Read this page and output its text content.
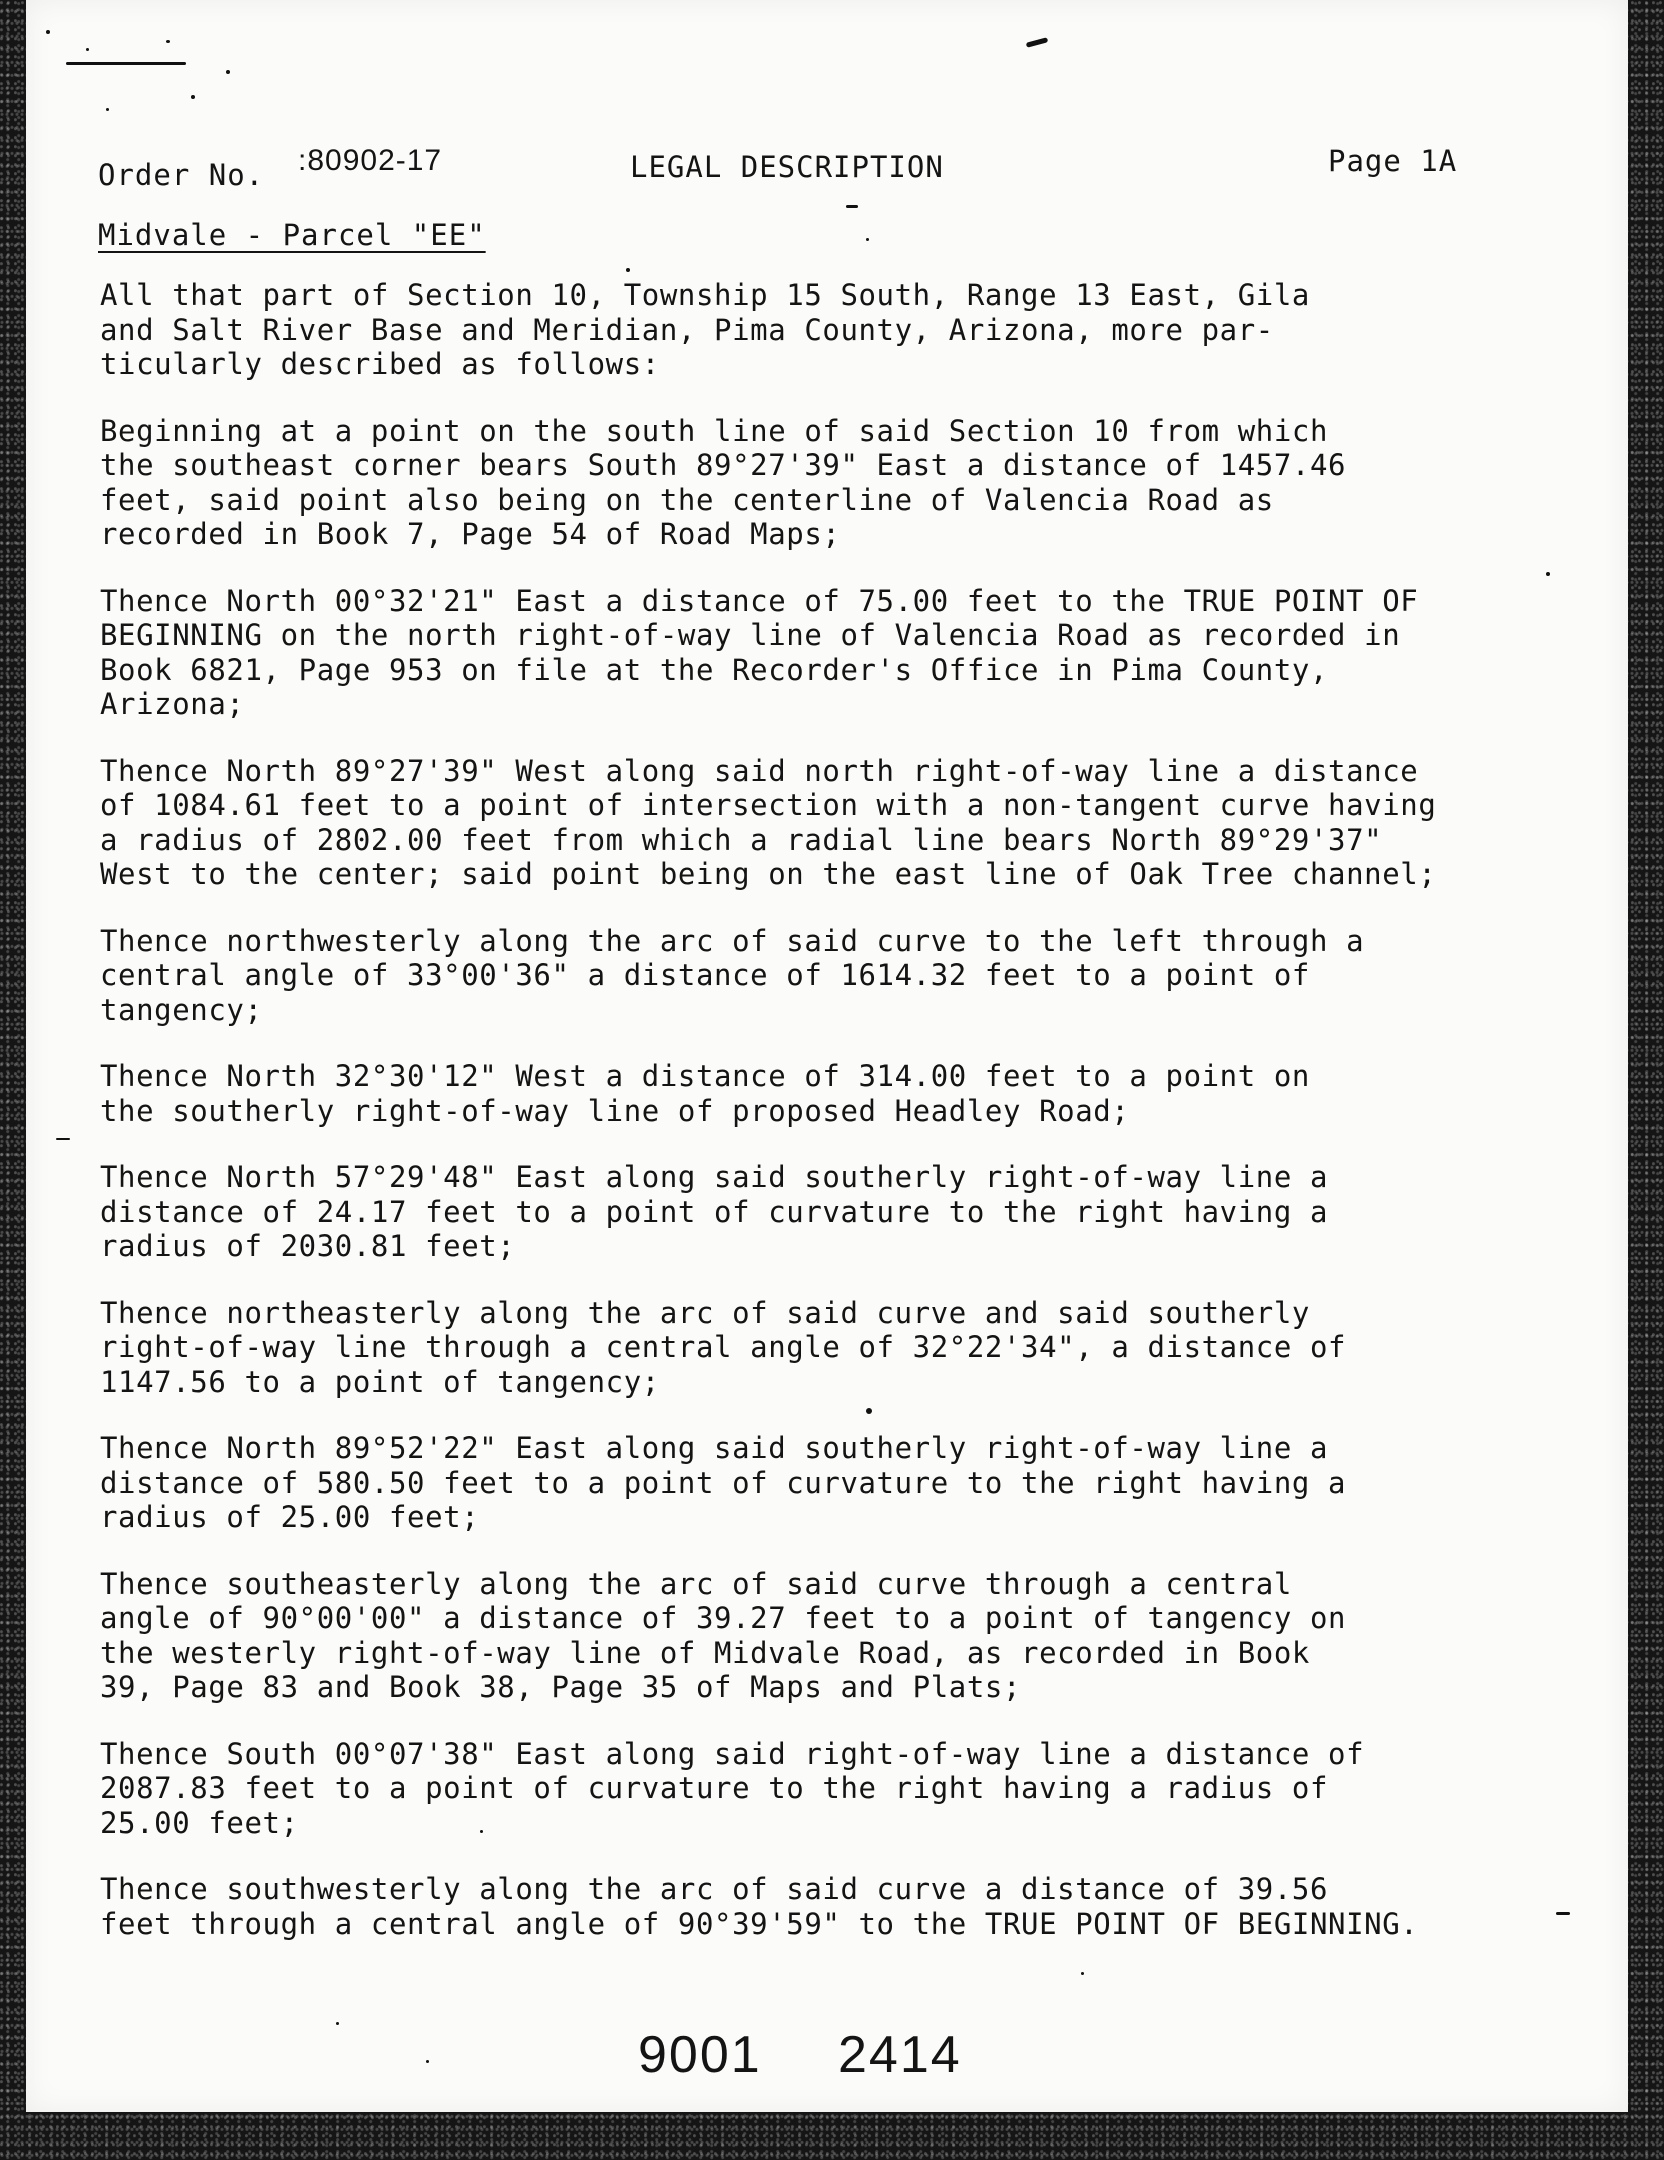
Order No. :80902-17	LEGAL DESCRIPTION	Page 1A
Midvale - Parcel "EE"

All that part of Section 10, Township 15 South, Range 13 East, Gila
and Salt River Base and Meridian, Pima County, Arizona, more par-
ticularly described as follows:

Beginning at a point on the south line of said Section 10 from which
the southeast corner bears South 89°27'39" East a distance of 1457.46
feet, said point also being on the centerline of Valencia Road as
recorded in Book 7, Page 54 of Road Maps;

Thence North 00°32'21" East a distance of 75.00 feet to the TRUE POINT OF
BEGINNING on the north right-of-way line of Valencia Road as recorded in
Book 6821, Page 953 on file at the Recorder's Office in Pima County,
Arizona;

Thence North 89°27'39" West along said north right-of-way line a distance
of 1084.61 feet to a point of intersection with a non-tangent curve having
a radius of 2802.00 feet from which a radial line bears North 89°29'37"
West to the center; said point being on the east line of Oak Tree channel;

Thence northwesterly along the arc of said curve to the left through a
central angle of 33°00'36" a distance of 1614.32 feet to a point of
tangency;

Thence North 32°30'12" West a distance of 314.00 feet to a point on
the southerly right-of-way line of proposed Headley Road;

Thence North 57°29'48" East along said southerly right-of-way line a
distance of 24.17 feet to a point of curvature to the right having a
radius of 2030.81 feet;

Thence northeasterly along the arc of said curve and said southerly
right-of-way line through a central angle of 32°22'34", a distance of
1147.56 to a point of tangency;

Thence North 89°52'22" East along said southerly right-of-way line a
distance of 580.50 feet to a point of curvature to the right having a
radius of 25.00 feet;

Thence southeasterly along the arc of said curve through a central
angle of 90°00'00" a distance of 39.27 feet to a point of tangency on
the westerly right-of-way line of Midvale Road, as recorded in Book
39, Page 83 and Book 38, Page 35 of Maps and Plats;

Thence South 00°07'38" East along said right-of-way line a distance of
2087.83 feet to a point of curvature to the right having a radius of
25.00 feet;

Thence southwesterly along the arc of said curve a distance of 39.56
feet through a central angle of 90°39'59" to the TRUE POINT OF BEGINNING.

9001 2414
